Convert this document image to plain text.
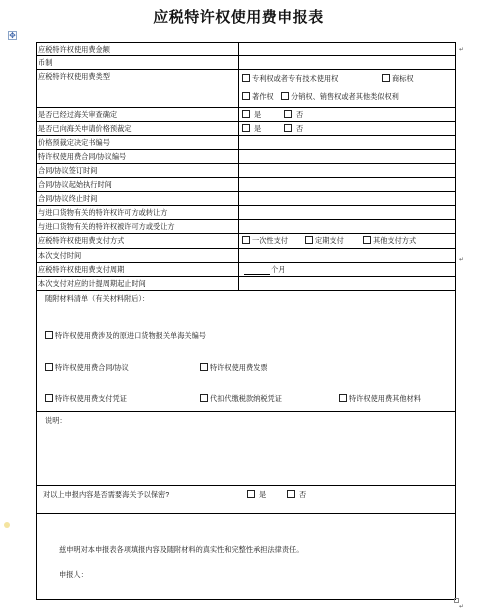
应税特许权使用费申报表
✥
应税特许权使用费金额
币制
应税特许权使用费类型	专利权或者专有技术使用权	商标权
著作权	分销权、销售权或者其他类似权利
是否已经过海关审查确定	是	否
是否已向海关申请价格预裁定	是	否
价格预裁定决定书编号
特许权使用费合同/协议编号
合同/协议签订时间
合同/协议起始执行时间
合同/协议终止时间
与进口货物有关的特许权许可方或转让方
与进口货物有关的特许权被许可方或受让方
应税特许权使用费支付方式	一次性支付	定期支付	其他支付方式
本次支付时间
应税特许权使用费支付周期	个月
本次支付对应的计提周期起止时间
随附材料清单（有关材料附后）：
特许权使用费涉及的原进口货物报关单海关编号
特许权使用费合同/协议	特许权使用费发票
特许权使用费支付凭证	代扣代缴税款纳税凭证	特许权使用费其他材料
说明：
对以上申报内容是否需要海关予以保密?	是	否
兹申明对本申报表各项填报内容及随附材料的真实性和完整性承担法律责任。
申报人：
↵
↵
↵
